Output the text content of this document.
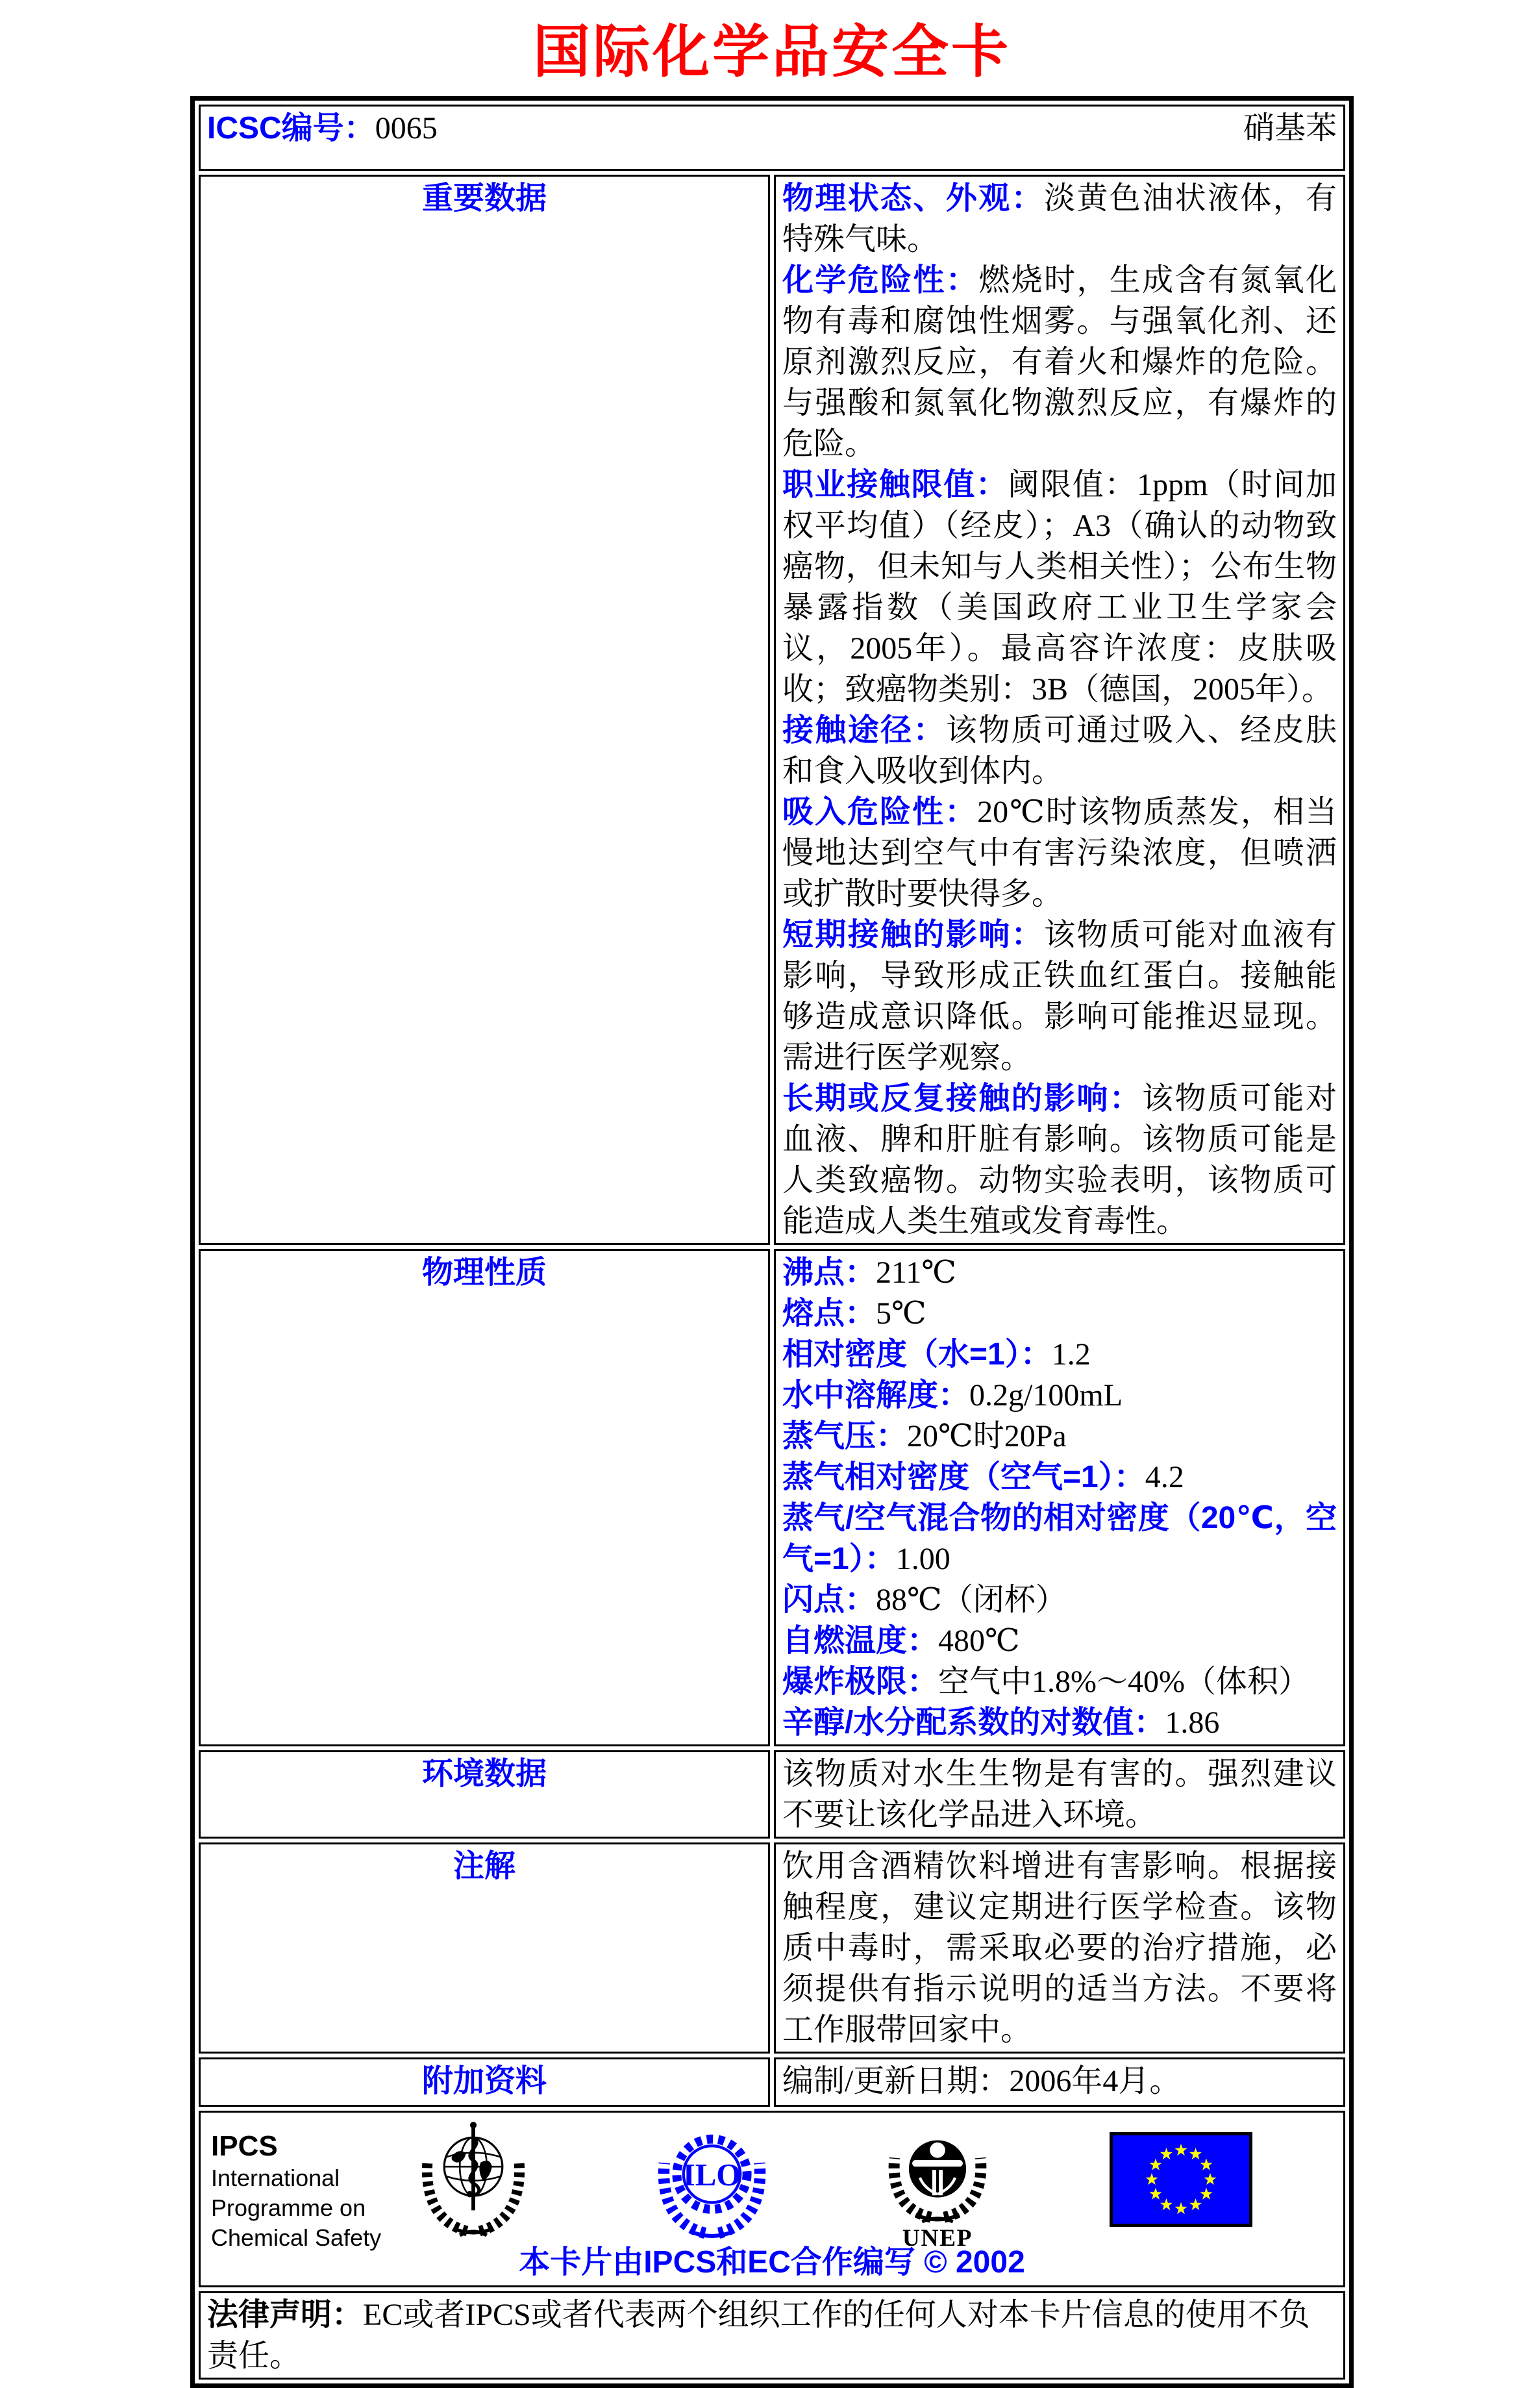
国际化学品安全卡
ICSC编号：0065 硝基苯	

重要数据	物理状态、外观：淡黄色油状液体，有特殊气味。

化学危险性：燃烧时，生成含有氮氧化物有毒和腐蚀性烟雾。与强氧化剂、还原剂激烈反应，有着火和爆炸的危险。与强酸和氮氧化物激烈反应，有爆炸的危险。

职业接触限值：阈限值：1ppm（时间加权平均值）（经皮）；A3（确认的动物致癌物，但未知与人类相关性）；公布生物暴露指数（美国政府工业卫生学家会议，2005年）。最高容许浓度：皮肤吸收；致癌物类别：3B（德国，2005年）。

接触途径：该物质可通过吸入、经皮肤和食入吸收到体内。

吸入危险性：20℃时该物质蒸发，相当慢地达到空气中有害污染浓度，但喷洒或扩散时要快得多。

短期接触的影响：该物质可能对血液有影响，导致形成正铁血红蛋白。接触能够造成意识降低。影响可能推迟显现。需进行医学观察。

长期或反复接触的影响：该物质可能对血液、脾和肝脏有影响。该物质可能是人类致癌物。动物实验表明，该物质可能造成人类生殖或发育毒性。

物理性质	沸点：211℃

熔点：5℃

相对密度（水=1）：1.2

水中溶解度：0.2g/100mL

蒸气压：20℃时20Pa

蒸气相对密度（空气=1）：4.2

蒸气/空气混合物的相对密度（20℃，空气=1）：1.00

闪点：88℃（闭杯）

自燃温度：480℃

爆炸极限：空气中1.8%～40%（体积）

辛醇/水分配系数的对数值：1.86

环境数据	该物质对水生生物是有害的。强烈建议不要让该化学品进入环境。

注解	饮用含酒精饮料增进有害影响。根据接触程度，建议定期进行医学检查。该物质中毒时，需采取必要的治疗措施，必须提供有指示说明的适当方法。不要将工作服带回家中。

附加资料	编制/更新日期：2006年4月。

IPCS
International
Programme on
Chemical Safety
ILO
UNEP
本卡片由IPCS和EC合作编写 © 2002

法律声明：EC或者IPCS或者代表两个组织工作的任何人对本卡片信息的使用不负责任。	
